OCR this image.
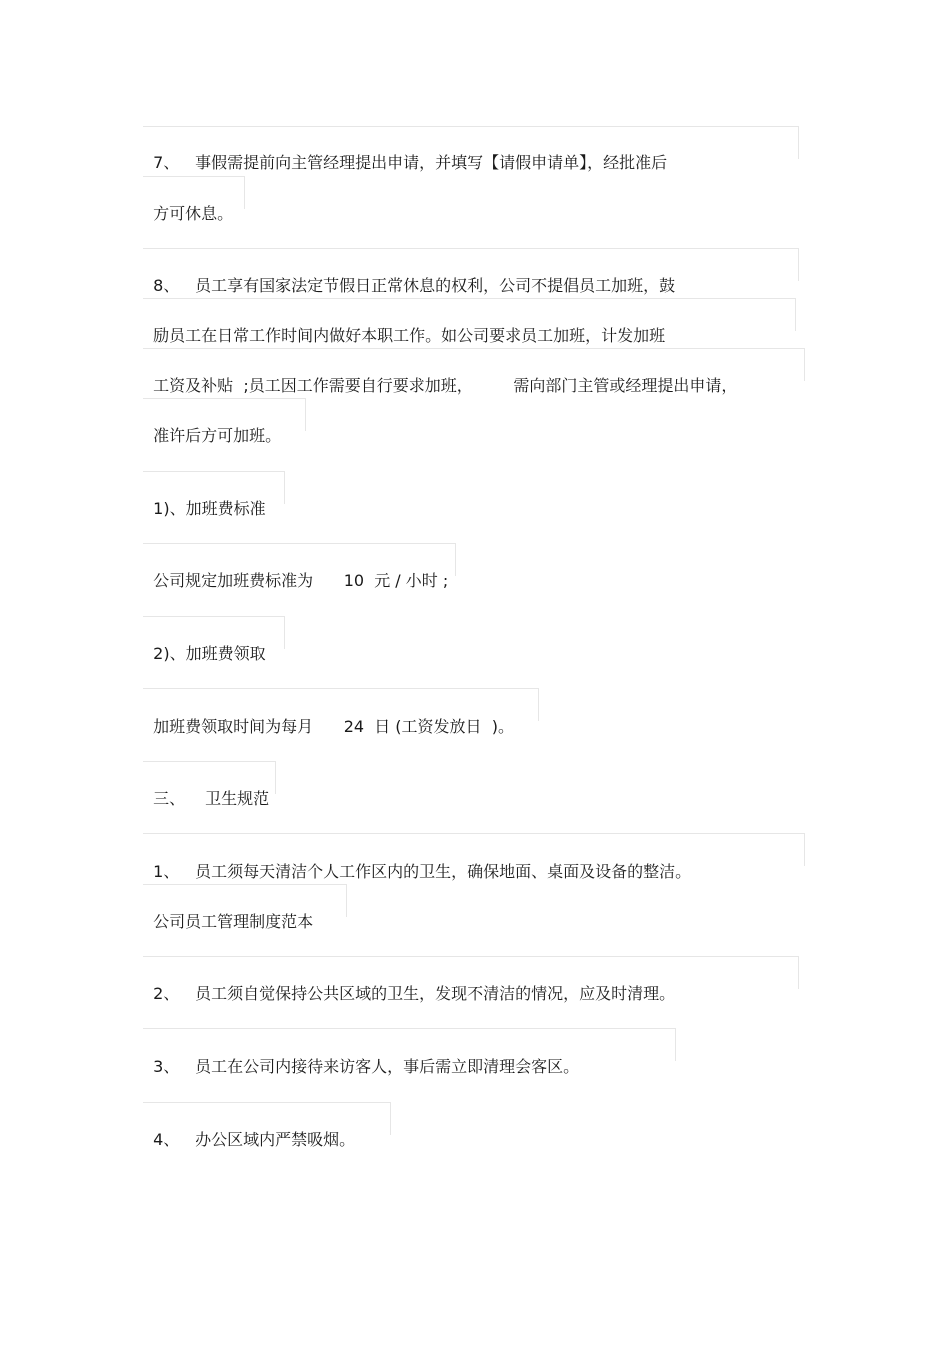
7、 事假需提前向主管经理提出申请，并填写【请假申请单】，经批准后

方可休息。

8、 员工享有国家法定节假日正常休息的权利，公司不提倡员工加班，鼓

励员工在日常工作时间内做好本职工作。如公司要求员工加班，计发加班

工资及补贴  ;员工因工作需要自行要求加班，        需向部门主管或经理提出申请，

准许后方可加班。

1)、加班费标准

公司规定加班费标准为      10  元 / 小时 ;

2)、加班费领取

加班费领取时间为每月      24  日 (工资发放日  )。

三、 卫生规范

1、 员工须每天清洁个人工作区内的卫生，确保地面、桌面及设备的整洁。

公司员工管理制度范本

2、 员工须自觉保持公共区域的卫生，发现不清洁的情况，应及时清理。

3、 员工在公司内接待来访客人，事后需立即清理会客区。

4、 办公区域内严禁吸烟。
